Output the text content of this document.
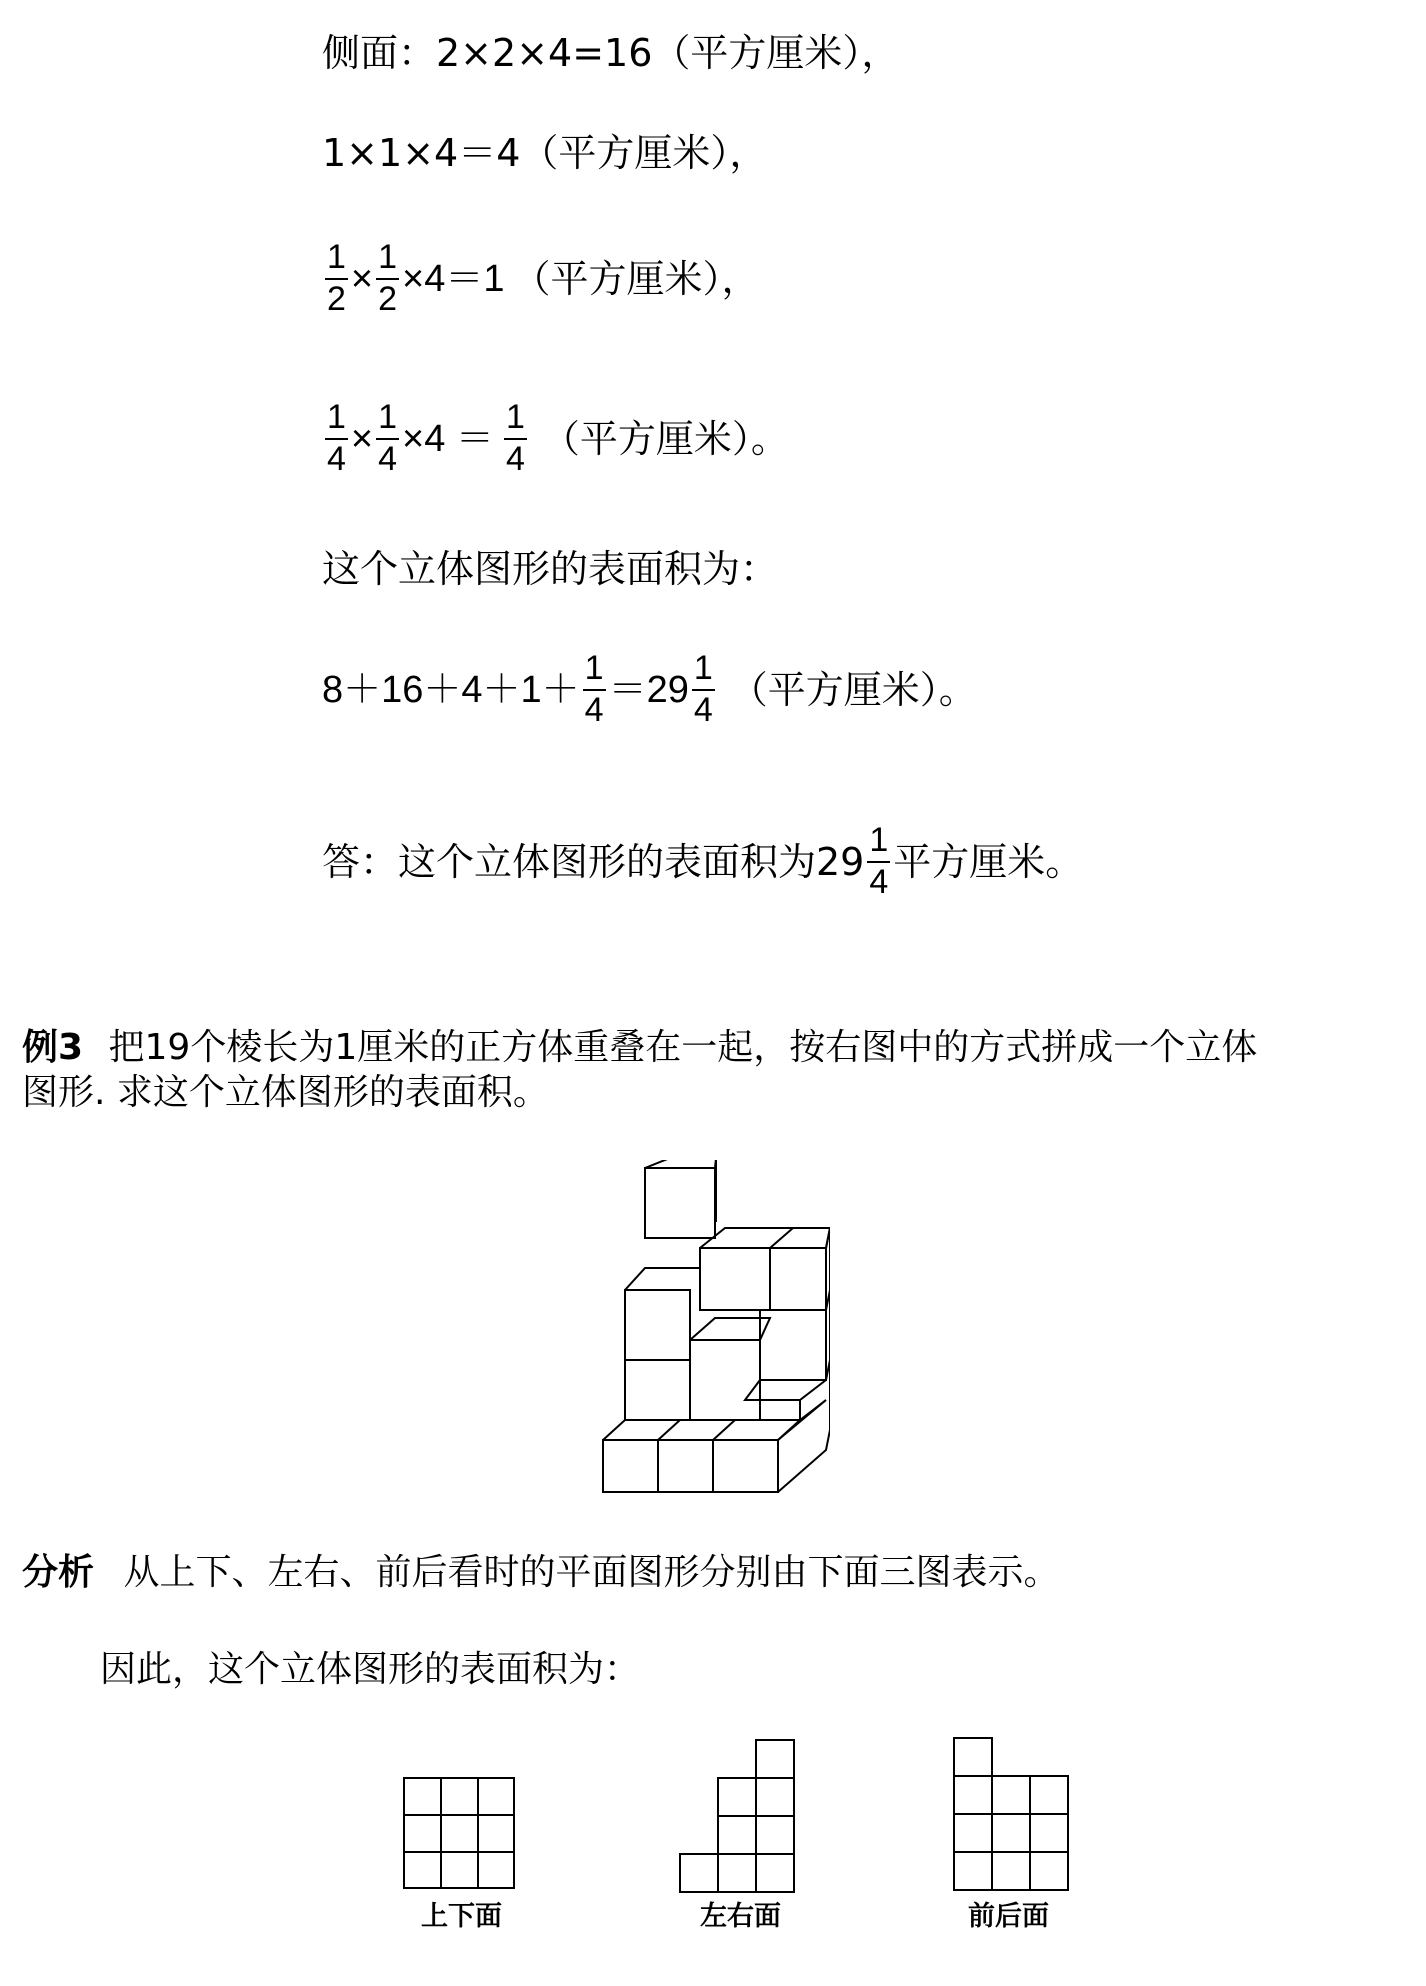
侧面：2×2×4=16（平方厘米），
1×1×4＝4（平方厘米），
$\frac{1}{2} \times \frac{1}{2} \times 4=1$ （平方厘米），
$\frac{1}{4} \times \frac{1}{4} \times 4 = \frac{1}{4}$ （平方厘米）。
这个立体图形的表面积为：
$8+16+4+1+ \frac{1}{4} =29 \frac{1}{4}$ （平方厘米）。
答：这个立体图形的表面积为$29 \frac{1}{4}$ 平方厘米。
例3 把19个棱长为1厘米的正方体重叠在一起，按右图中的方式拼成一个立体
图形. 求这个立体图形的表面积。
分析 从上下、左右、前后看时的平面图形分别由下面三图表示。
因此，这个立体图形的表面积为：
上下面	左右面	前后面
